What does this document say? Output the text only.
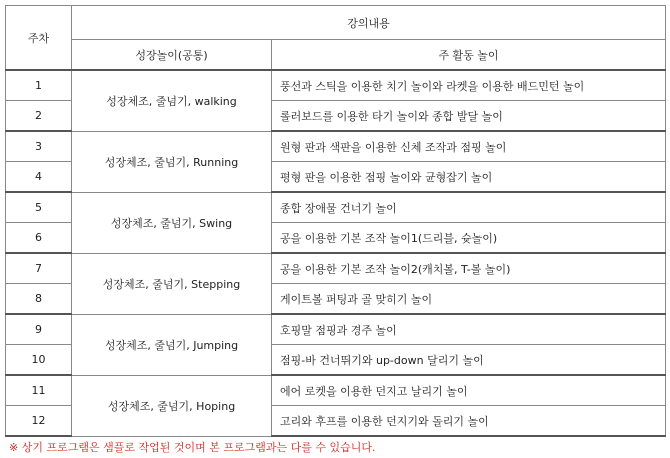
주차	강의내용	
	성장놀이(공통)	주 활동 놀이
1	성장체조, 줄넘기, walking	풍선과 스틱을 이용한 치기 놀이와 라켓을 이용한 배드민턴 놀이
2		롤러보드를 이용한 타기 놀이와 종합 발달 놀이
3	성장체조, 줄넘기, Running	원형 판과 색판을 이용한 신체 조작과 점핑 놀이
4		평형 판을 이용한 점핑 놀이와 균형잡기 놀이
5	성장체조, 줄넘기, Swing	종합 장애물 건너기 놀이
6		공을 이용한 기본 조작 놀이1(드리블, 슛놀이)
7	성장체조, 줄넘기, Stepping	공을 이용한 기본 조작 놀이2(캐치볼, T-볼 놀이)
8		게이트볼 퍼팅과 골 맞히기 놀이
9	성장체조, 줄넘기, Jumping	호핑말 점핑과 경주 놀이
10		점핑-바 건너뛰기와 up-down 달리기 놀이
11	성장체조, 줄넘기, Hoping	에어 로켓을 이용한 던지고 날리기 놀이
12		고리와 후프를 이용한 던지기와 돌리기 놀이
※ 상기 프로그램은 샘플로 작업된 것이며 본 프로그램과는 다를 수 있습니다.
